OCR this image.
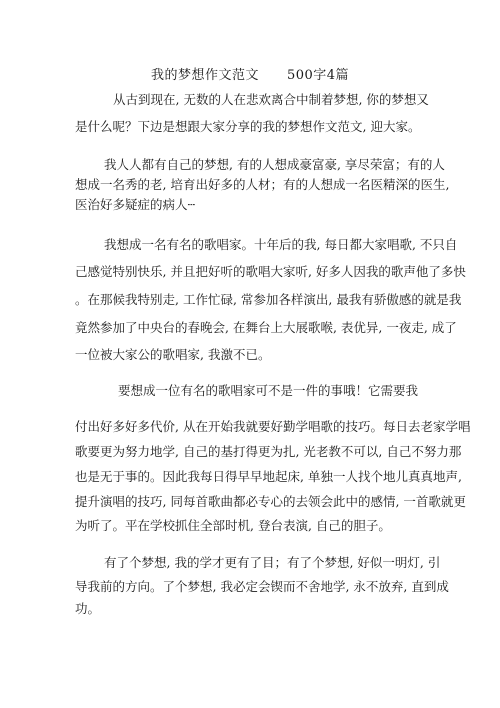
我的梦想作文范文 500字4篇
从古到现在, 无数的人在悲欢离合中制着梦想, 你的梦想又
是什么呢？下边是想跟大家分享的我的梦想作文范文, 迎大家。
我人人都有自己的梦想, 有的人想成豪富豪, 享尽荣富；有的人
想成一名秀的老, 培育出好多的人材；有的人想成一名医精深的医生,
医治好多疑症的病人┄
我想成一名有名的歌唱家。十年后的我, 每日都大家唱歌, 不只自
己感觉特别快乐, 并且把好听的歌唱大家听, 好多人因我的歌声他了多快
。在那候我特别走, 工作忙碌, 常参加各样演出, 最我有骄傲感的就是我
竟然参加了中央台的春晚会, 在舞台上大展歌喉, 表优异, 一夜走, 成了
一位被大家公的歌唱家, 我激不已。
要想成一位有名的歌唱家可不是一件的事哦！它需要我
付出好多好多代价, 从在开始我就要好勤学唱歌的技巧。每日去老家学唱
歌要更为努力地学, 自己的基打得更为扎, 光老教不可以, 自己不努力那
也是无于事的。因此我每日得早早地起床, 单独一人找个地儿真真地声,
提升演唱的技巧, 同每首歌曲都必专心的去领会此中的感情, 一首歌就更
为听了。平在学校抓住全部时机, 登台表演, 自己的胆子。
有了个梦想, 我的学才更有了目；有了个梦想, 好似一明灯, 引
导我前的方向。了个梦想, 我必定会锲而不舍地学, 永不放弃, 直到成
功。
